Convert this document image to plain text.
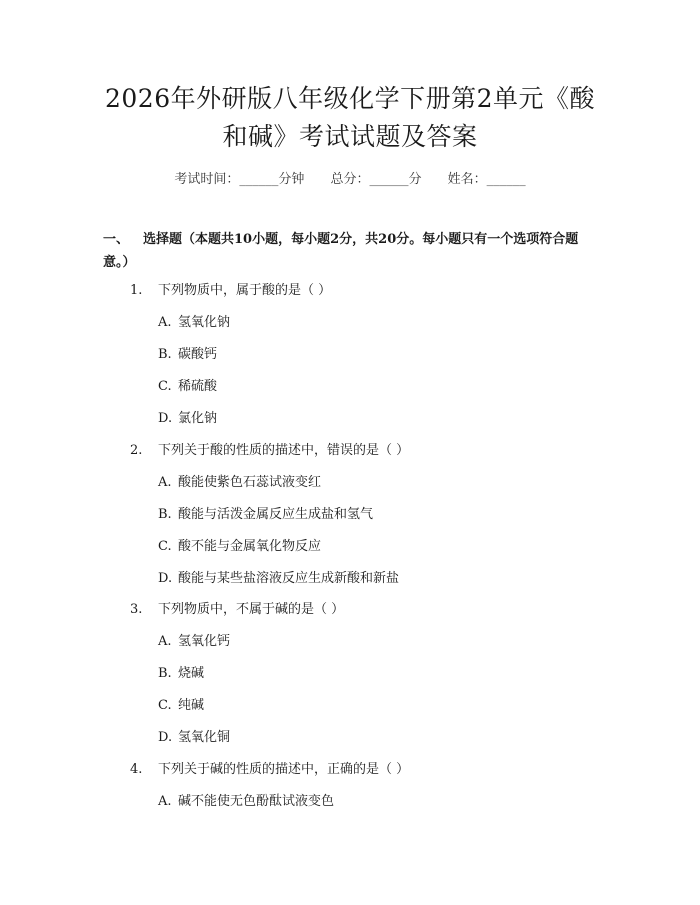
2026年外研版八年级化学下册第2单元《酸
和碱》考试试题及答案
考试时间：______分钟 总分：______分 姓名：______
一、 选择题（本题共10小题，每小题2分，共20分。每小题只有一个选项符合题意。）
1. 下列物质中，属于酸的是（ ）
A. 氢氧化钠
B. 碳酸钙
C. 稀硫酸
D. 氯化钠
2. 下列关于酸的性质的描述中，错误的是（ ）
A. 酸能使紫色石蕊试液变红
B. 酸能与活泼金属反应生成盐和氢气
C. 酸不能与金属氧化物反应
D. 酸能与某些盐溶液反应生成新酸和新盐
3. 下列物质中，不属于碱的是（ ）
A. 氢氧化钙
B. 烧碱
C. 纯碱
D. 氢氧化铜
4. 下列关于碱的性质的描述中，正确的是（ ）
A. 碱不能使无色酚酞试液变色
